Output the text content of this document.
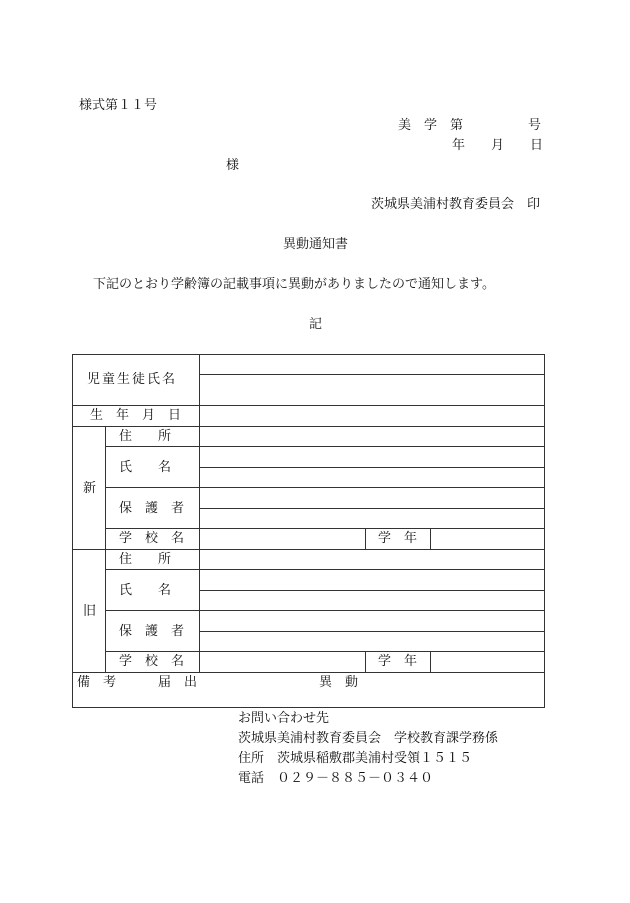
様式第１１号
美　学　第　　　　　号
年　　月　　日
様
茨城県美浦村教育委員会　印
異動通知書
下記のとおり学齢簿の記載事項に異動がありましたので通知します。
記
児童生徒氏名
生　年　月　日
新
住　　所
氏　　名
保　護　者
学　校　名	学　年
旧
住　　所
氏　　名
保　護　者
学　校　名	学　年
備　考	届　出	異　動
お問い合わせ先
茨城県美浦村教育委員会　学校教育課学務係
住所　茨城県稲敷郡美浦村受領１５１５
電話　０２９－８８５－０３４０
